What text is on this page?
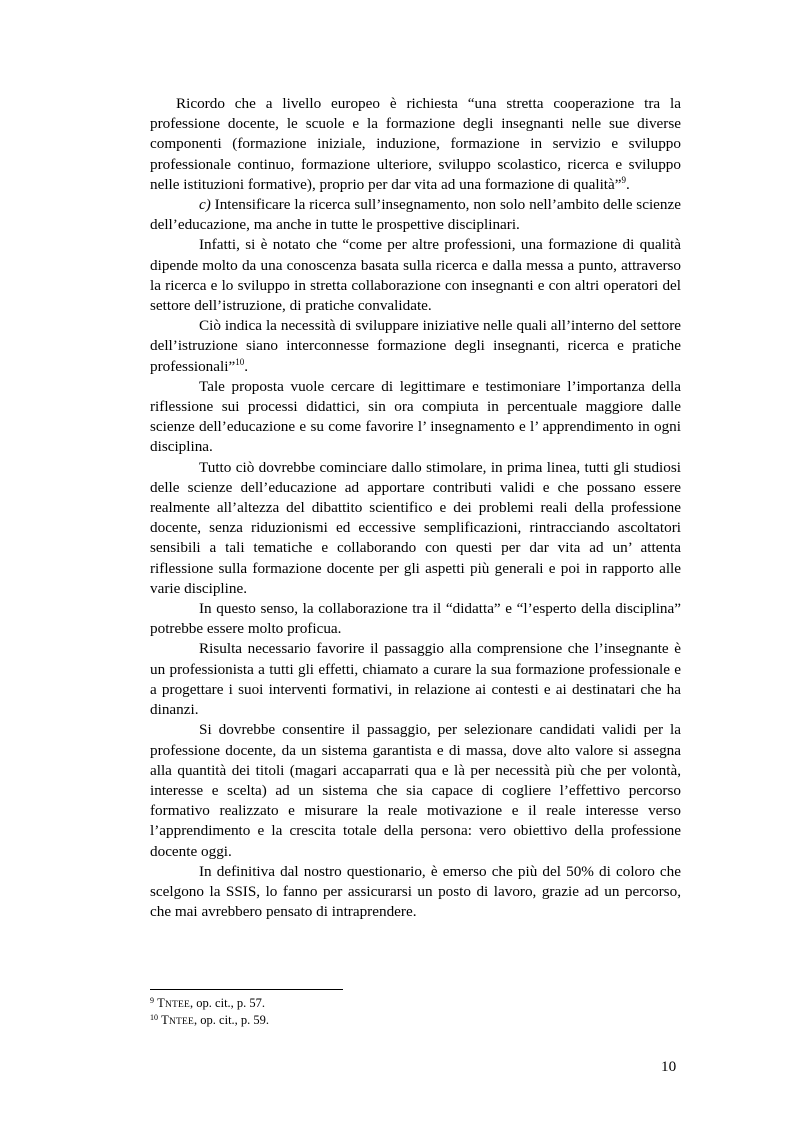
Ricordo che a livello europeo è richiesta “una stretta cooperazione tra la professione docente, le scuole e la formazione degli insegnanti nelle sue diverse componenti (formazione iniziale, induzione, formazione in servizio e sviluppo professionale continuo, formazione ulteriore, sviluppo scolastico, ricerca e sviluppo nelle istituzioni formative), proprio per dar vita ad una formazione di qualità”$^9$.

c) Intensificare la ricerca sull’insegnamento, non solo nell’ambito delle scienze dell’educazione, ma anche in tutte le prospettive disciplinari.

Infatti, si è notato che “come per altre professioni, una formazione di qualità dipende molto da una conoscenza basata sulla ricerca e dalla messa a punto, attraverso la ricerca e lo sviluppo in stretta collaborazione con insegnanti e con altri operatori del settore dell’istruzione, di pratiche convalidate.

Ciò indica la necessità di sviluppare iniziative nelle quali all’interno del settore dell’istruzione siano interconnesse formazione degli insegnanti, ricerca e pratiche professionali”$^{10}$.

Tale proposta vuole cercare di legittimare e testimoniare l’importanza della riflessione sui processi didattici, sin ora compiuta in percentuale maggiore dalle scienze dell’educazione e su come favorire l’ insegnamento e l’ apprendimento in ogni disciplina.

Tutto ciò dovrebbe cominciare dallo stimolare, in prima linea, tutti gli studiosi delle scienze dell’educazione ad apportare contributi validi e che possano essere realmente all’altezza del dibattito scientifico e dei problemi reali della professione docente, senza riduzionismi ed eccessive semplificazioni, rintracciando ascoltatori sensibili a tali tematiche e collaborando con questi per dar vita ad un’ attenta riflessione sulla formazione docente per gli aspetti più generali e poi in rapporto alle varie discipline.

In questo senso, la collaborazione tra il “didatta” e “l’esperto della disciplina” potrebbe essere molto proficua.

Risulta necessario favorire il passaggio alla comprensione che l’insegnante è un professionista a tutti gli effetti, chiamato a curare la sua formazione professionale e a progettare i suoi interventi formativi, in relazione ai contesti e ai destinatari che ha dinanzi.

Si dovrebbe consentire il passaggio, per selezionare candidati validi per la professione docente, da un sistema garantista e di massa, dove alto valore si assegna alla quantità dei titoli (magari accaparrati qua e là per necessità più che per volontà, interesse e scelta) ad un sistema che sia capace di cogliere l’effettivo percorso formativo realizzato e misurare la reale motivazione e il reale interesse verso l’apprendimento e la crescita totale della persona: vero obiettivo della professione docente oggi.

In definitiva dal nostro questionario, è emerso che più del 50% di coloro che scelgono la SSIS, lo fanno per assicurarsi un posto di lavoro, grazie ad un percorso, che mai avrebbero pensato di intraprendere.

$^9$ TNTEE, op. cit., p. 57.

$^{10}$ TNTEE, op. cit., p. 59.

10
